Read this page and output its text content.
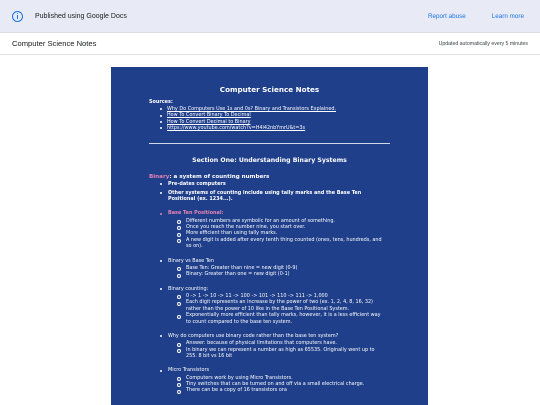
Published using Google Docs	Report abuse	Learn more
Computer Science Notes	Updated automatically every 5 minutes
Computer Science Notes
Sources:
Why Do Computers Use 1s and 0s? Binary and Transistors Explained.
How To Convert Binary To Decimal
How To Convert Decimal to Binary
https://www.youtube.com/watch?v=H4l42nbYmrU&t=3s
Section One: Understanding Binary Systems
Binary: a system of counting numbers
Pre-dates computers
Other systems of counting include using tally marks and the Base Ten Positional (ex. 1234...).
Base Ten Positional:
Different numbers are symbolic for an amount of something.
Once you reach the number nine, you start over.
More efficient than using tally marks.
A new digit is added after every tenth thing counted (ones, tens, hundreds, and so on).
Binary vs Base Ten
Base Ten: Greater than nine = new digit (0-9)
Binary: Greater than one = new digit (0-1)
Binary counting:
0 -> 1 -> 10 -> 11 -> 100 -> 101 -> 110 -> 111 -> 1,000
Each digit represents an increase by the power of two (ex. 1, 2, 4, 8, 16, 32) rather than the power of 10 like in the Base Ten Positional System.
Exponentially more efficient than tally marks, however, it is a less efficient way to count compared to the base ten system.
Why do computers use binary code rather than the base ten system?
Answer: because of physical limitations that computers have.
In binary we can represent a number as high as 65535. Originally went up to 255. 8 bit vs 16 bit
Micro Transistors
Computers work by using Micro Transistors.
Tiny switches that can be turned on and off via a small electrical charge.
There can be a copy of 16 transistors ora
